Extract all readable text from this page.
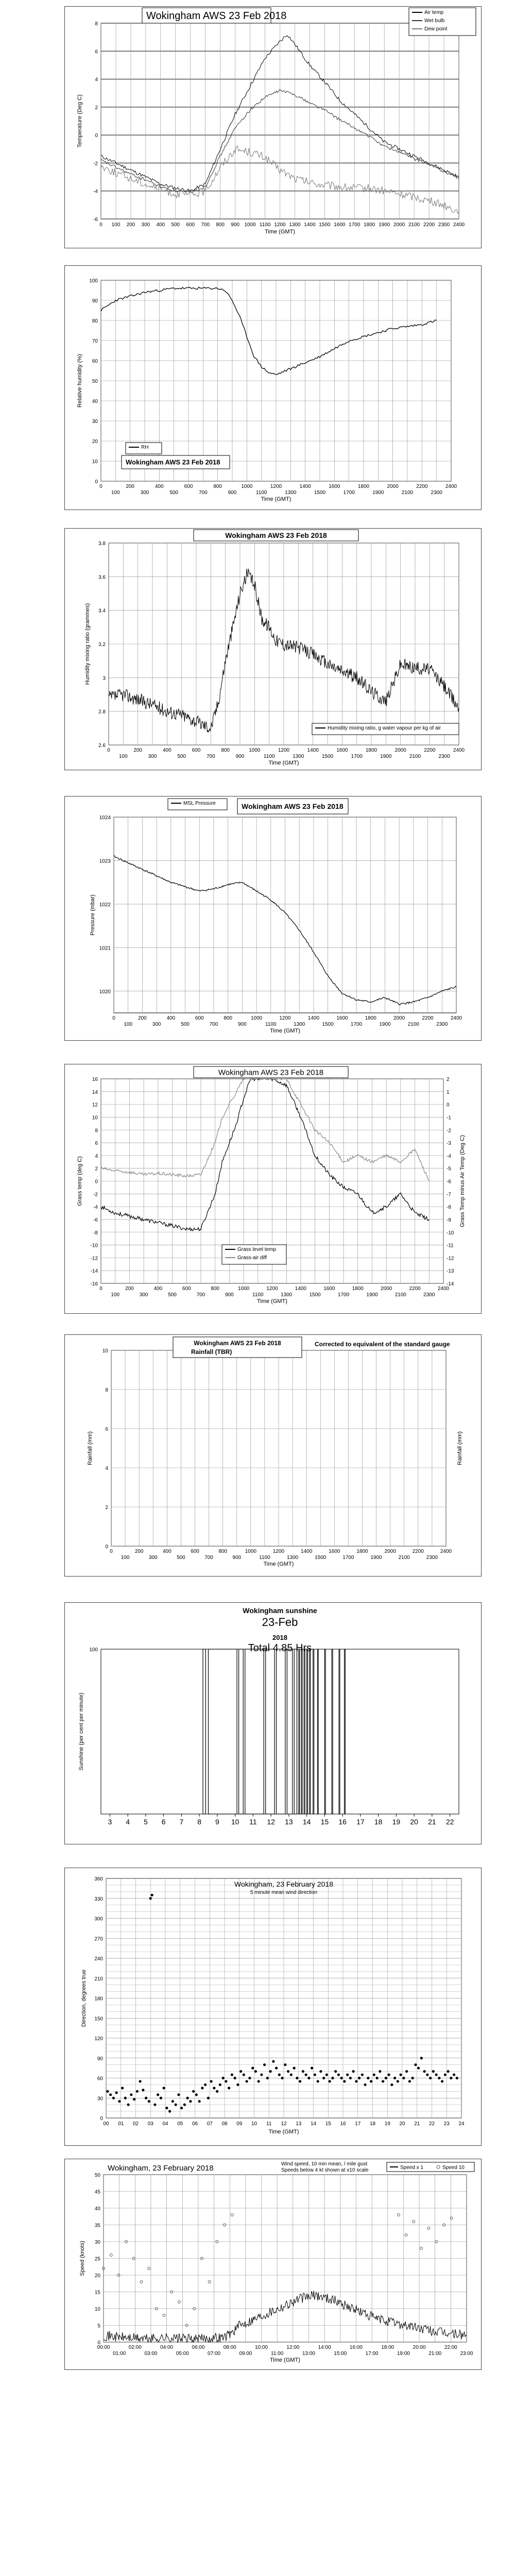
-6
-4
-2
0
2
4
6
8
0 100 200 300 400 500 600 700 800 900 1000 1100 1200 1300 1400 1500 1600 1700 1800 1900 2000 2100 2200 2300 2400
Time (GMT)
Temperature (Deg C)
Wokingham AWS 23 Feb 2018	Air temp
Wet bulb
Dew point
0
10
20
30
40
50
60
70
80
90
100
0	200	400	600	800	1000	1200	1400	1600	1800	2000	2200	2400
100	300	500	700	900	1100	1300	1500	1700	1900	2100	2300
Time (GMT)
Relative humidity (%)
RH
Wokingham AWS 23 Feb 2018
2.6
2.8
3
3.2
3.4
3.6
3.8
0	200	400	600	800	1000	1200	1400	1600	1800	2000	2200	2400
100	300	500	700	900	1100	1300	1500	1700	1900	2100	2300
Time (GMT)
Humidity mixing ratio (grammes)
Wokingham AWS 23 Feb 2018
Humidity mixing ratio, g water vapour per kg of air
1020
1021
1022
1023
1024
0	200	400	600	800	1000	1200	1400	1600	1800	2000	2200	2400
100	300	500	700	900	1100	1300	1500	1700	1900	2100	2300
Time (GMT)
Pressure (mbar)
MSL Pressure	Wokingham AWS 23 Feb 2018
-16
-14
-12
-10
-8
-6
-4
-2
0
2
4
6
8
10
12
14
16
0	200	400	600	800	1000	1200	1400	1600	1800	2000	2200	2400
100	300	500	700	900	1100	1300	1500	1700	1900	2100	2300
Time (GMT)
Grass temp (deg C)
-14
-13
-12
-11
-10
-9
-8
-7
-6
-5
-4
-3
-2
-1
0
1
2
Grass Temp minus Air Temp (Deg C)
Wokingham AWS 23 Feb 2018
Grass level temp
Grass-air diff
0
2
4
6
8
10
0	200	400	600	800	1000	1200	1400	1600	1800	2000	2200	2400
100	300	500	700	900	1100	1300	1500	1700	1900	2100	2300
Time (GMT)
Rainfall (mm)	Rainfall (mm)
Wokingham AWS 23 Feb 2018
Rainfall (TBR)
Corrected to equivalent of the standard gauge
3 4 5 6 7 8 9 10 11 12 13 14 15 16 17 18 19 20 21 22
100
Sunshine (per cent per minute)
Wokingham sunshine
23-Feb
2018
Total 4.85 Hrs
0
30
60
90
120
150
180
210
240
270
300
330
360
00 01 02 03 04 05 06 07 08 09 10 11 12 13 14 15 16 17 18 19 20 21 22 23 24
Time (GMT)
Direction, degrees true
Wokingham, 23 February 2018
5 minute mean wind direction
0
5
10
15
20
25
30
35
40
45
50
00:00	02:00	04:00	06:00	08:00	10:00	12:00	14:00	16:00	18:00	20:00	22:00
01:00	03:00	05:00	07:00	09:00	11:00	13:00	15:00	17:00	19:00	21:00	23:00
Time (GMT)
Speed (knots)
Wokingham, 23 February 2018	Wind speed, 10 min mean, / mile gust
Speeds below 4 kt shown at x10 scale	Speed x 1	Speed 10
